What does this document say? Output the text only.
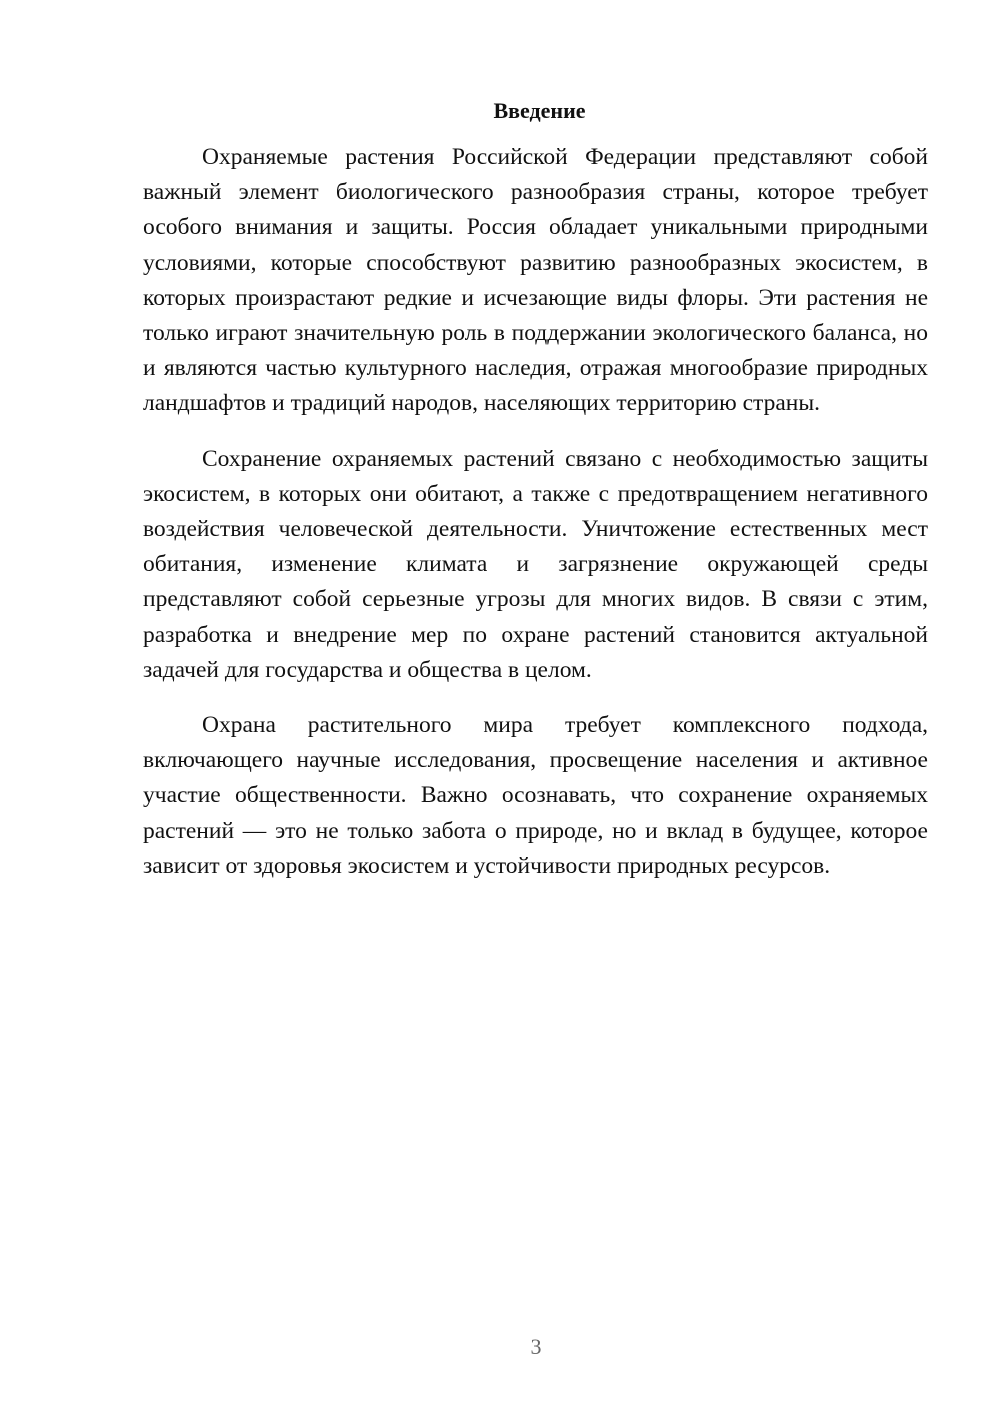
Введение

Охраняемые растения Российской Федерации представляют собой важный элемент биологического разнообразия страны, которое требует особого внимания и защиты. Россия обладает уникальными природными условиями, которые способствуют развитию разнообразных экосистем, в которых произрастают редкие и исчезающие виды флоры. Эти растения не только играют значительную роль в поддержании экологического баланса, но и являются частью культурного наследия, отражая многообразие природных ландшафтов и традиций народов, населяющих территорию страны.

Сохранение охраняемых растений связано с необходимостью защиты экосистем, в которых они обитают, а также с предотвращением негативного воздействия человеческой деятельности. Уничтожение естественных мест обитания, изменение климата и загрязнение окружающей среды представляют собой серьезные угрозы для многих видов. В связи с этим, разработка и внедрение мер по охране растений становится актуальной задачей для государства и общества в целом.

Охрана растительного мира требует комплексного подхода, включающего научные исследования, просвещение населения и активное участие общественности. Важно осознавать, что сохранение охраняемых растений — это не только забота о природе, но и вклад в будущее, которое зависит от здоровья экосистем и устойчивости природных ресурсов.

3
